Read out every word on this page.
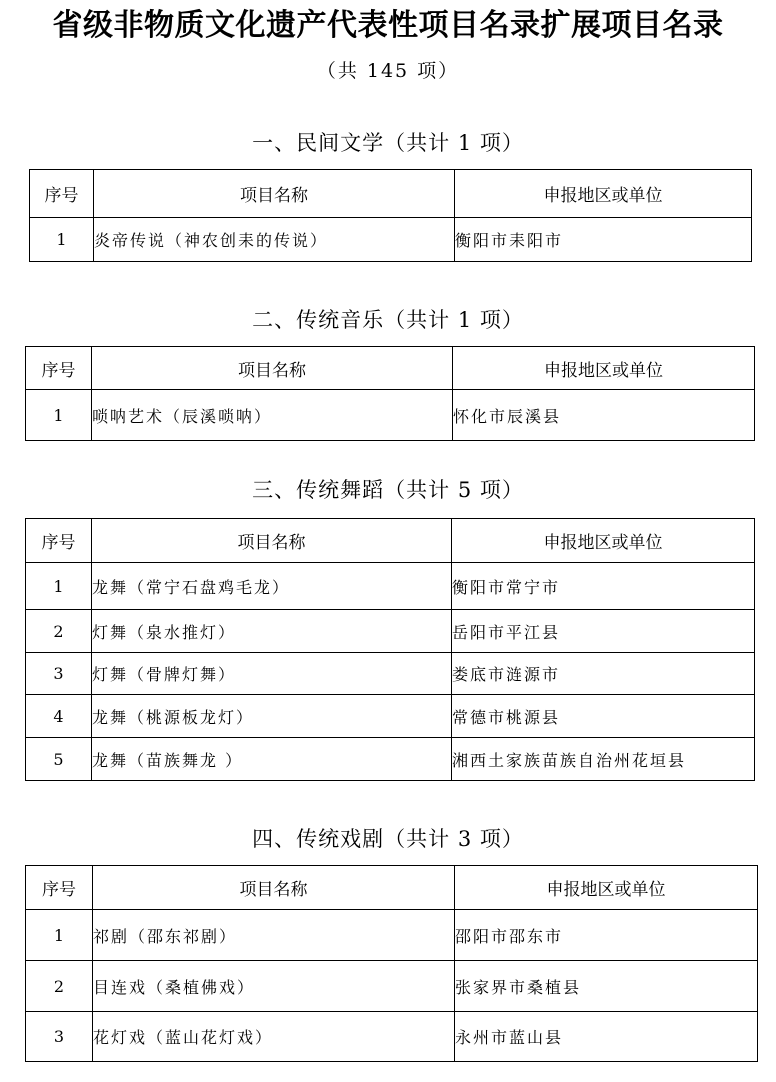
省级非物质文化遗产代表性项目名录扩展项目名录
（共 145 项）
一、民间文学（共计 1 项）
序号	项目名称	申报地区或单位
1	炎帝传说（神农创耒的传说）	衡阳市耒阳市
二、传统音乐（共计 1 项）
序号	项目名称	申报地区或单位
1	唢呐艺术（辰溪唢呐）	怀化市辰溪县
三、传统舞蹈（共计 5 项）
序号	项目名称	申报地区或单位
1	龙舞（常宁石盘鸡毛龙）	衡阳市常宁市
2	灯舞（泉水推灯）	岳阳市平江县
3	灯舞（骨牌灯舞）	娄底市涟源市
4	龙舞（桃源板龙灯）	常德市桃源县
5	龙舞（苗族舞龙 ）	湘西土家族苗族自治州花垣县
四、传统戏剧（共计 3 项）
序号	项目名称	申报地区或单位
1	祁剧（邵东祁剧）	邵阳市邵东市
2	目连戏（桑植佛戏）	张家界市桑植县
3	花灯戏（蓝山花灯戏）	永州市蓝山县
